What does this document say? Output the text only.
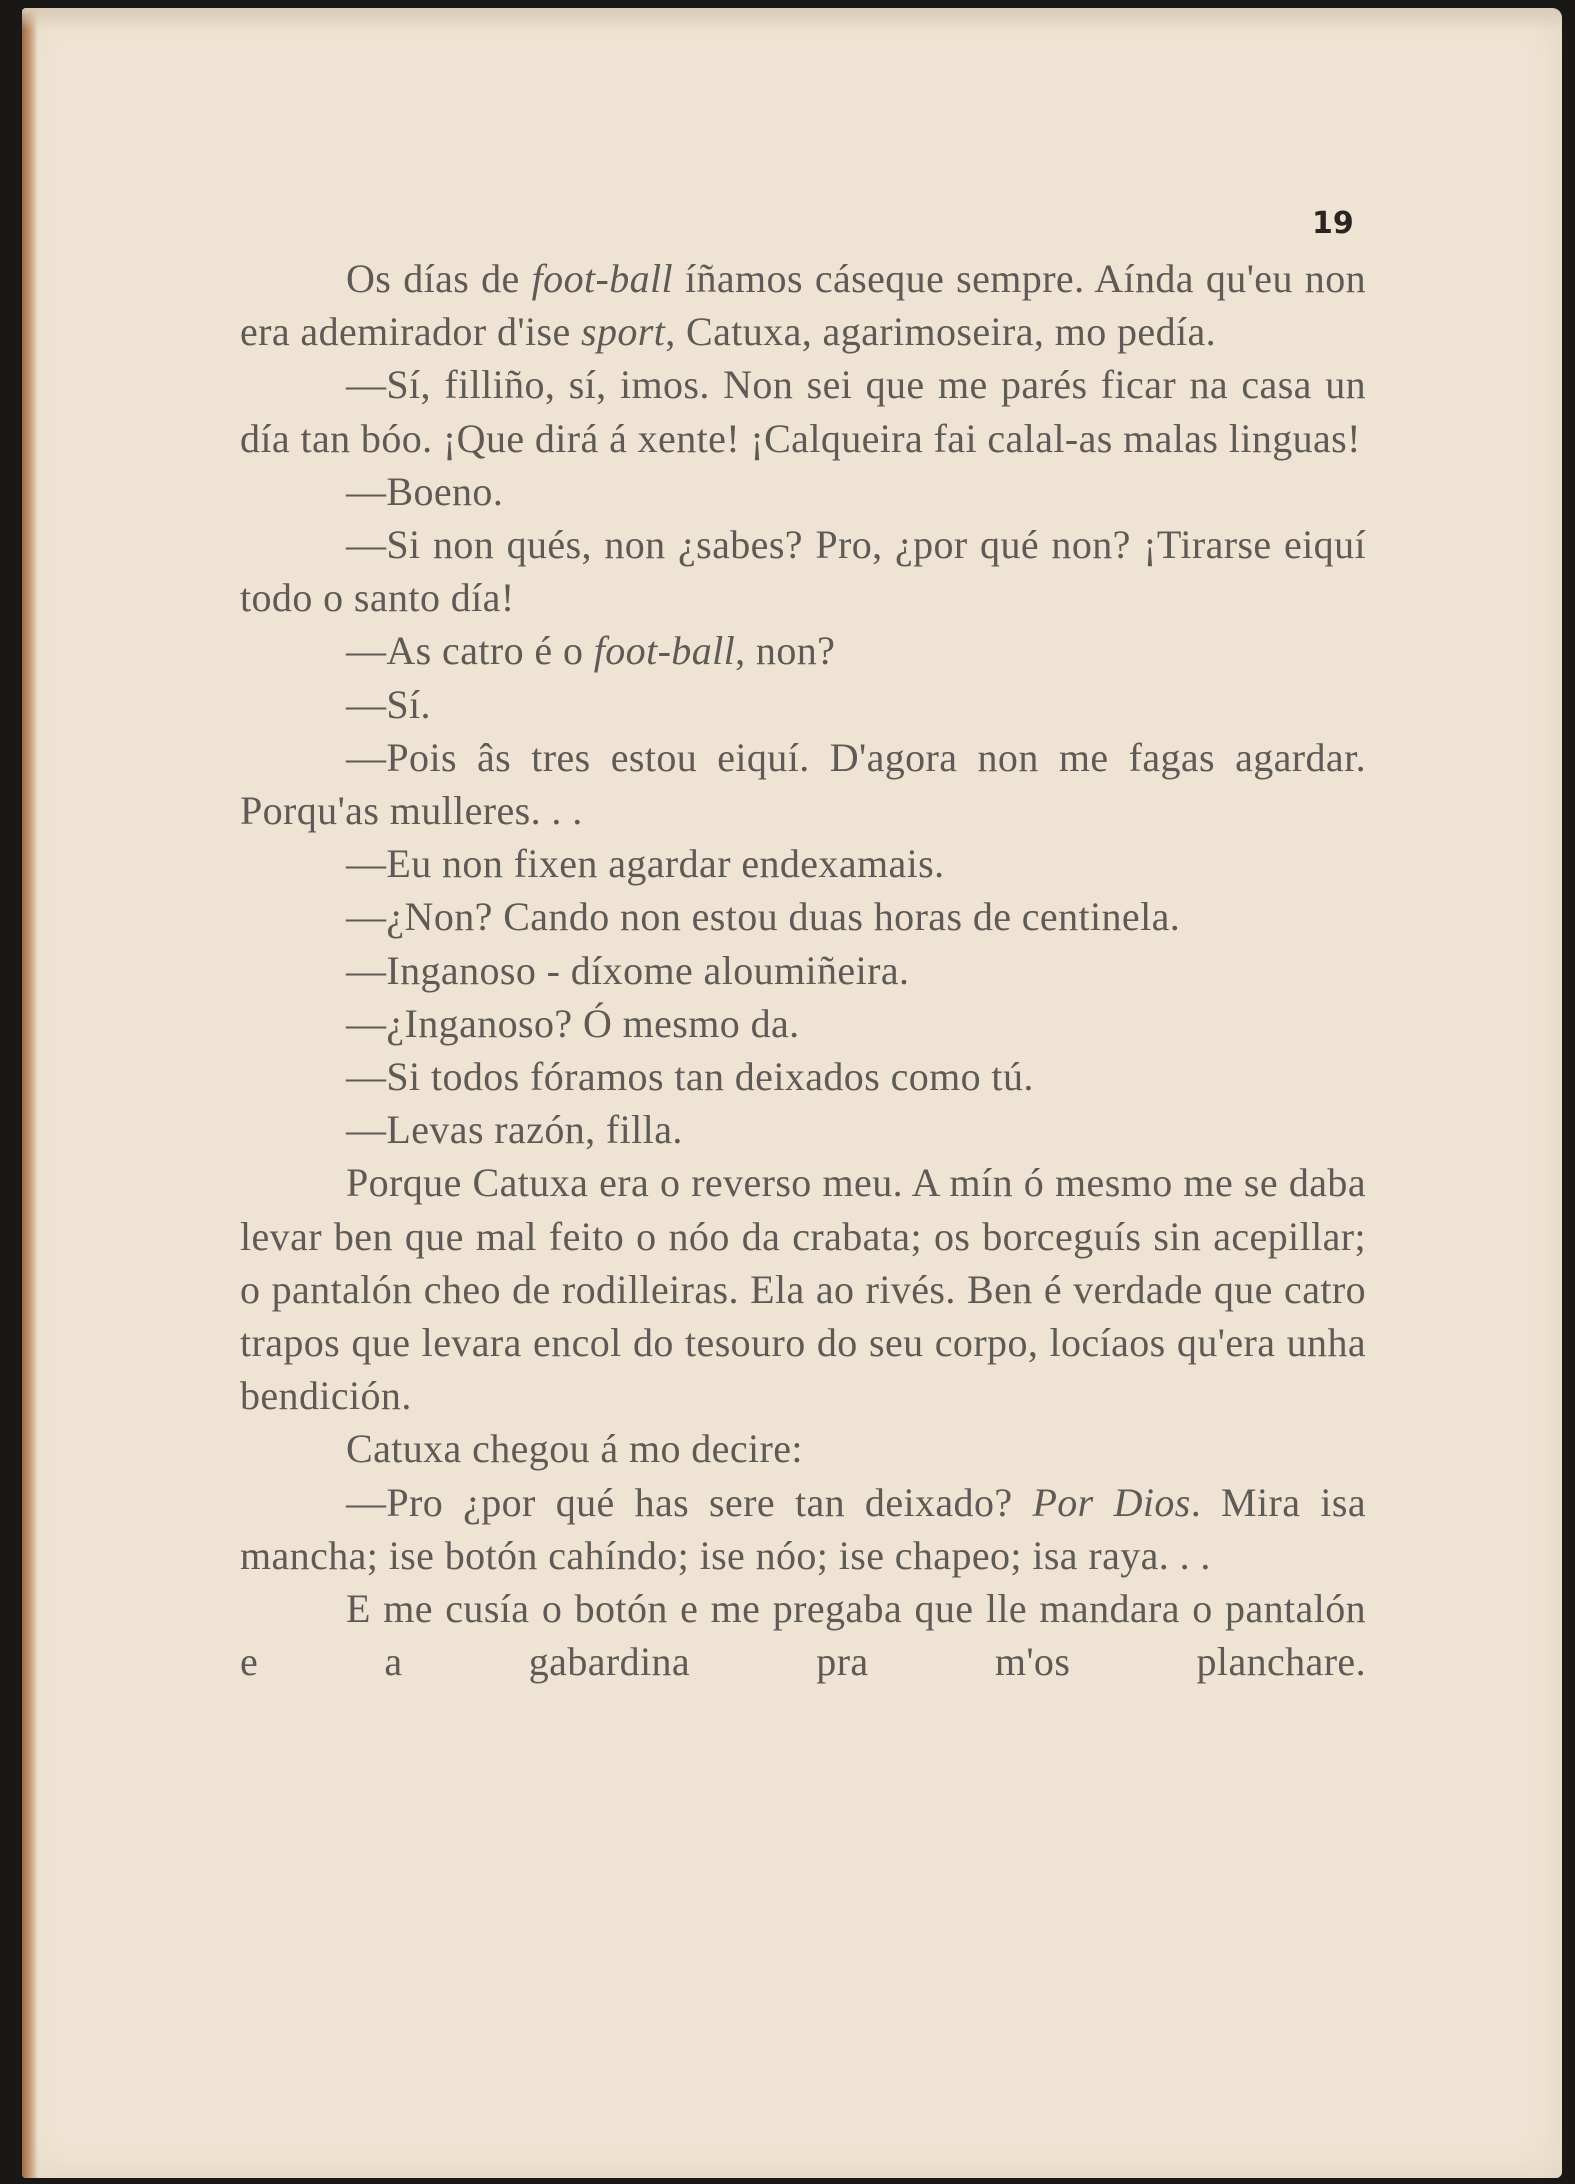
19

Os días de foot-ball íñamos cáseque sempre. Aínda qu'eu non era ademirador d'ise sport, Catuxa, agarimoseira, mo pedía.

—Sí, filliño, sí, imos. Non sei que me parés ficar na casa un día tan bóo. ¡Que dirá á xente! ¡Calqueira fai calal-as malas linguas!

—Boeno.

—Si non qués, non ¿sabes? Pro, ¿por qué non? ¡Tirarse eiquí todo o santo día!

—As catro é o foot-ball, non?

—Sí.

—Pois âs tres estou eiquí. D'agora non me fagas agardar. Porqu'as mulleres. . .

—Eu non fixen agardar endexamais.

—¿Non? Cando non estou duas horas de centinela.

—Inganoso - díxome aloumiñeira.

—¿Inganoso? Ó mesmo da.

—Si todos fóramos tan deixados como tú.

—Levas razón, filla.

Porque Catuxa era o reverso meu. A mín ó mesmo me se daba levar ben que mal feito o nóo da crabata; os borceguís sin acepillar; o pantalón cheo de rodilleiras. Ela ao rivés. Ben é verdade que catro trapos que levara encol do tesouro do seu corpo, locíaos qu'era unha bendición.

Catuxa chegou á mo decire:

—Pro ¿por qué has sere tan deixado? Por Dios. Mira isa mancha; ise botón cahíndo; ise nóo; ise chapeo; isa raya. . .

E me cusía o botón e me pregaba que lle mandara o pantalón e a gabardina pra m'os planchare.
